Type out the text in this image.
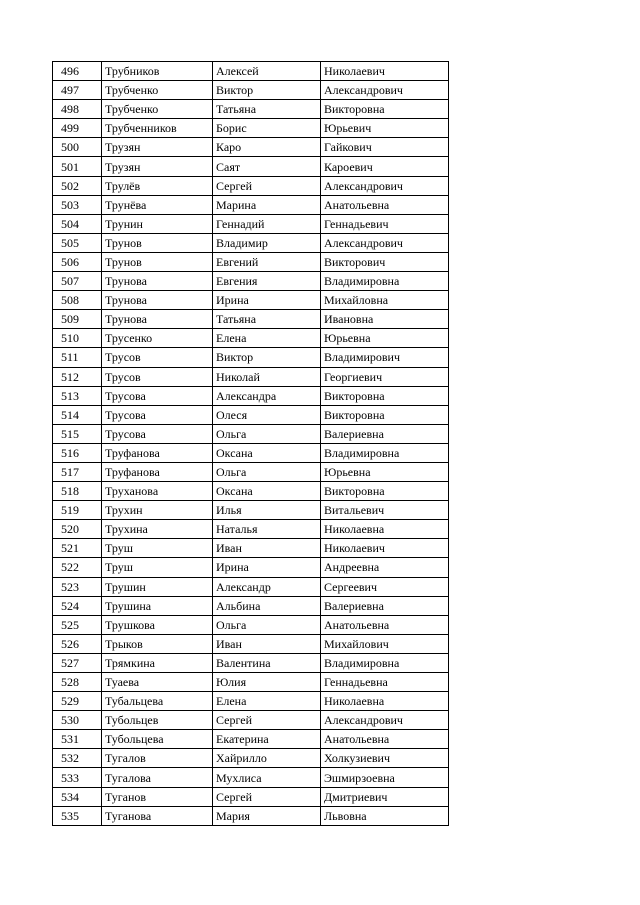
496	Трубников	Алексей	Николаевич
497	Трубченко	Виктор	Александрович
498	Трубченко	Татьяна	Викторовна
499	Трубченников	Борис	Юрьевич
500	Трузян	Каро	Гайкович
501	Трузян	Саят	Кароевич
502	Трулёв	Сергей	Александрович
503	Трунёва	Марина	Анатольевна
504	Трунин	Геннадий	Геннадьевич
505	Трунов	Владимир	Александрович
506	Трунов	Евгений	Викторович
507	Трунова	Евгения	Владимировна
508	Трунова	Ирина	Михайловна
509	Трунова	Татьяна	Ивановна
510	Трусенко	Елена	Юрьевна
511	Трусов	Виктор	Владимирович
512	Трусов	Николай	Георгиевич
513	Трусова	Александра	Викторовна
514	Трусова	Олеся	Викторовна
515	Трусова	Ольга	Валериевна
516	Труфанова	Оксана	Владимировна
517	Труфанова	Ольга	Юрьевна
518	Труханова	Оксана	Викторовна
519	Трухин	Илья	Витальевич
520	Трухина	Наталья	Николаевна
521	Труш	Иван	Николаевич
522	Труш	Ирина	Андреевна
523	Трушин	Александр	Сергеевич
524	Трушина	Альбина	Валериевна
525	Трушкова	Ольга	Анатольевна
526	Трыков	Иван	Михайлович
527	Трямкина	Валентина	Владимировна
528	Туаева	Юлия	Геннадьевна
529	Тубальцева	Елена	Николаевна
530	Тубольцев	Сергей	Александрович
531	Тубольцева	Екатерина	Анатольевна
532	Тугалов	Хайрилло	Холкузиевич
533	Тугалова	Мухлиса	Эшмирзоевна
534	Туганов	Сергей	Дмитриевич
535	Туганова	Мария	Львовна
